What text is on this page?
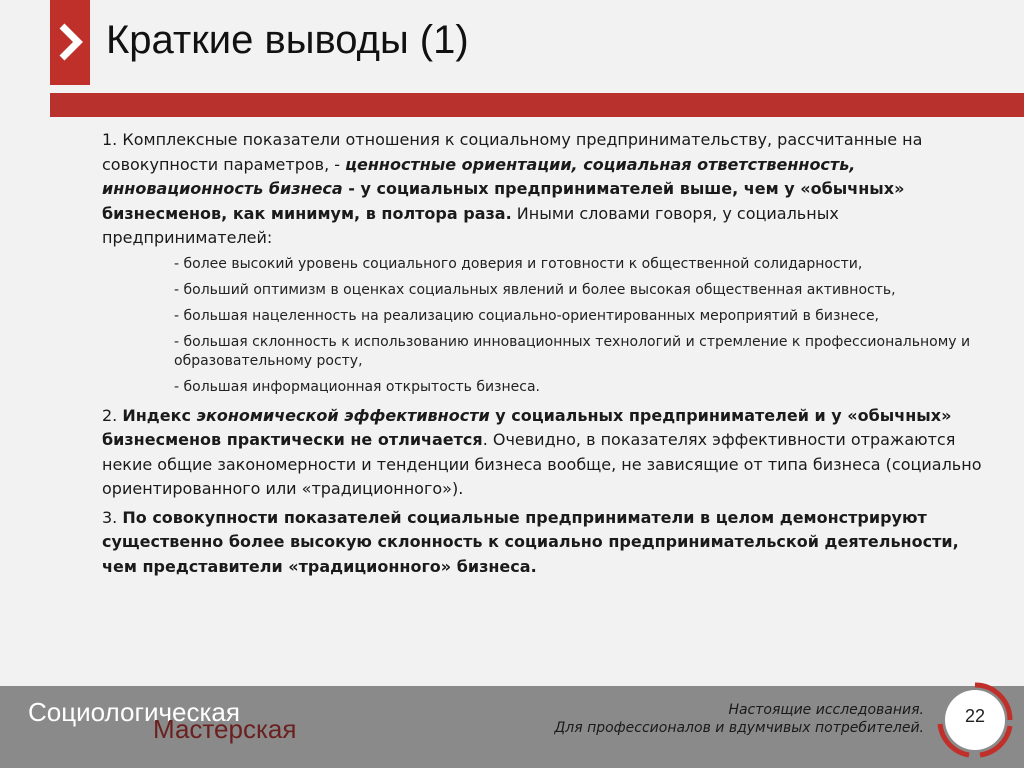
Краткие выводы (1)

1. Комплексные показатели отношения к социальному предпринимательству, рассчитанные на совокупности параметров, - ценностные ориентации, социальная ответственность, инновационность бизнеса - у социальных предпринимателей выше, чем у «обычных» бизнесменов, как минимум, в полтора раза. Иными словами говоря, у социальных предпринимателей:

- более высокий уровень социального доверия и готовности к общественной солидарности,
- больший оптимизм в оценках социальных явлений и более высокая общественная активность,
- большая нацеленность на реализацию социально-ориентированных мероприятий в бизнесе,
- большая склонность к использованию инновационных технологий и стремление к профессиональному и образовательному росту,
- большая информационная открытость бизнеса.

2. Индекс экономической эффективности у социальных предпринимателей и у «обычных» бизнесменов практически не отличается. Очевидно, в показателях эффективности отражаются некие общие закономерности и тенденции бизнеса вообще, не зависящие от типа бизнеса (социально ориентированного или «традиционного»).

3. По совокупности показателей социальные предприниматели в целом демонстрируют существенно более высокую склонность к социально предпринимательской деятельности, чем представители «традиционного» бизнеса.

Социологическая
Мастерская
Настоящие исследования.
Для профессионалов и вдумчивых потребителей.
22
